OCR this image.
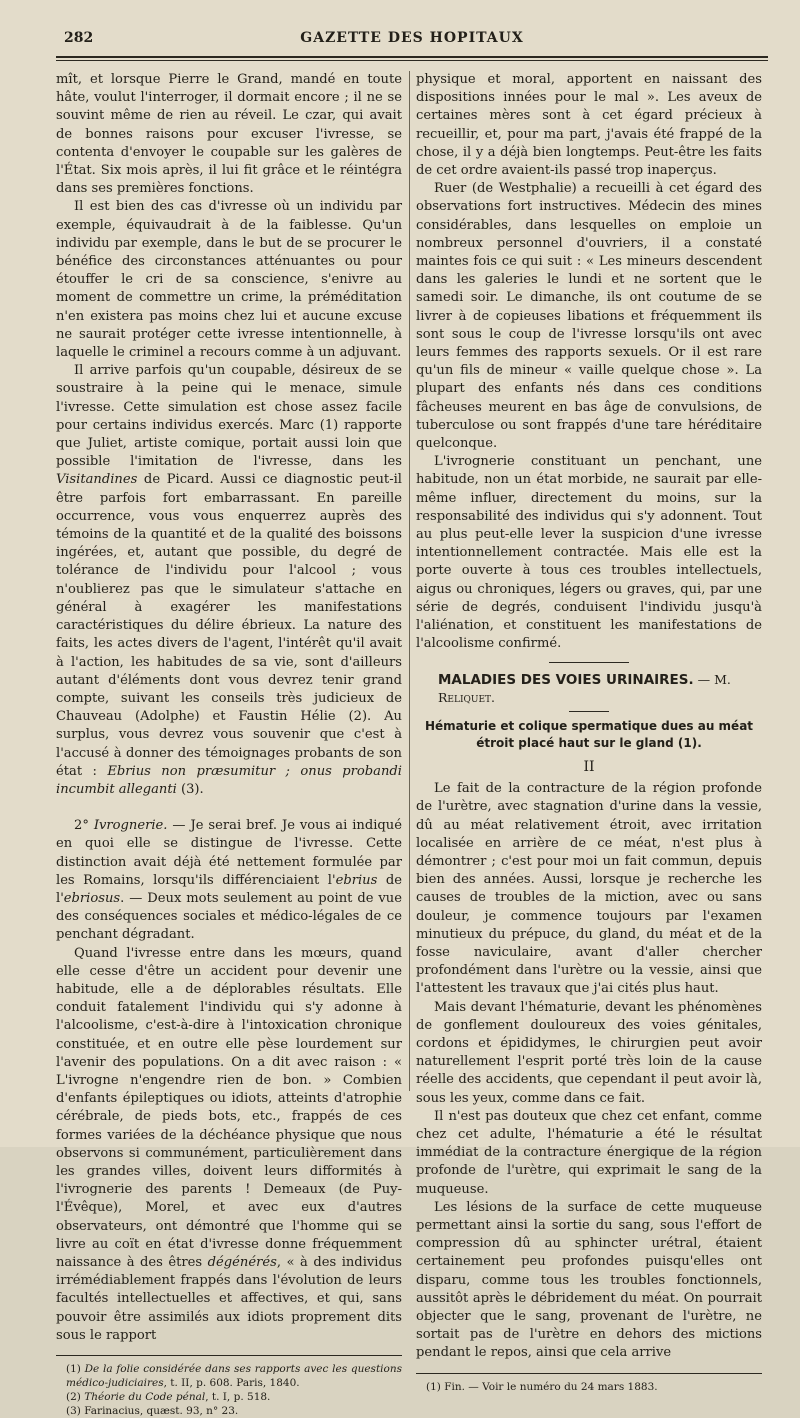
282	GAZETTE DES HOPITAUX

mît, et lorsque Pierre le Grand, mandé en toute hâte, voulut l'interroger, il dormait encore ; il ne se souvint même de rien au réveil. Le czar, qui avait de bonnes raisons pour excuser l'ivresse, se contenta d'envoyer le coupable sur les galères de l'État. Six mois après, il lui fit grâce et le réintégra dans ses premières fonctions.

Il est bien des cas d'ivresse où un individu par exemple, équivaudrait à de la faiblesse. Qu'un individu par exemple, dans le but de se procurer le bénéfice des circonstances atténuantes ou pour étouffer le cri de sa conscience, s'enivre au moment de commettre un crime, la préméditation n'en existera pas moins chez lui et aucune excuse ne saurait protéger cette ivresse intentionnelle, à laquelle le criminel a recours comme à un adjuvant.

Il arrive parfois qu'un coupable, désireux de se soustraire à la peine qui le menace, simule l'ivresse. Cette simulation est chose assez facile pour certains individus exercés. Marc (1) rapporte que Juliet, artiste comique, portait aussi loin que possible l'imitation de l'ivresse, dans les Visitandines de Picard. Aussi ce diagnostic peut-il être parfois fort embarrassant. En pareille occurrence, vous vous enquerrez auprès des témoins de la quantité et de la qualité des boissons ingérées, et, autant que possible, du degré de tolérance de l'individu pour l'alcool ; vous n'oublierez pas que le simulateur s'attache en général à exagérer les manifestations caractéristiques du délire ébrieux. La nature des faits, les actes divers de l'agent, l'intérêt qu'il avait à l'action, les habitudes de sa vie, sont d'ailleurs autant d'éléments dont vous devrez tenir grand compte, suivant les conseils très judicieux de Chauveau (Adolphe) et Faustin Hélie (2). Au surplus, vous devrez vous souvenir que c'est à l'accusé à donner des témoignages probants de son état : Ebrius non præsumitur ; onus probandi incumbit alleganti (3).

2° Ivrognerie. — Je serai bref. Je vous ai indiqué en quoi elle se distingue de l'ivresse. Cette distinction avait déjà été nettement formulée par les Romains, lorsqu'ils différenciaient l'ebrius de l'ebriosus. — Deux mots seulement au point de vue des conséquences sociales et médico-légales de ce penchant dégradant.

Quand l'ivresse entre dans les mœurs, quand elle cesse d'être un accident pour devenir une habitude, elle a de déplorables résultats. Elle conduit fatalement l'individu qui s'y adonne à l'alcoolisme, c'est-à-dire à l'intoxication chronique constituée, et en outre elle pèse lourdement sur l'avenir des populations. On a dit avec raison : « L'ivrogne n'engendre rien de bon. » Combien d'enfants épileptiques ou idiots, atteints d'atrophie cérébrale, de pieds bots, etc., frappés de ces formes variées de la déchéance physique que nous observons si communément, particulièrement dans les grandes villes, doivent leurs difformités à l'ivrognerie des parents ! Demeaux (de Puy-l'Évêque), Morel, et avec eux d'autres observateurs, ont démontré que l'homme qui se livre au coït en état d'ivresse donne fréquemment naissance à des êtres dégénérés, « à des individus irrémédiablement frappés dans l'évolution de leurs facultés intellectuelles et affectives, et qui, sans pouvoir être assimilés aux idiots proprement dits sous le rapport

(1) De la folie considérée dans ses rapports avec les questions médico-judiciaires, t. II, p. 608. Paris, 1840.

(2) Théorie du Code pénal, t. I, p. 518.

(3) Farinacius, quæst. 93, n° 23.

physique et moral, apportent en naissant des dispositions innées pour le mal ». Les aveux de certaines mères sont à cet égard précieux à recueillir, et, pour ma part, j'avais été frappé de la chose, il y a déjà bien longtemps. Peut-être les faits de cet ordre avaient-ils passé trop inaperçus.

Ruer (de Westphalie) a recueilli à cet égard des observations fort instructives. Médecin des mines considérables, dans lesquelles on emploie un nombreux personnel d'ouvriers, il a constaté maintes fois ce qui suit : « Les mineurs descendent dans les galeries le lundi et ne sortent que le samedi soir. Le dimanche, ils ont coutume de se livrer à de copieuses libations et fréquemment ils sont sous le coup de l'ivresse lorsqu'ils ont avec leurs femmes des rapports sexuels. Or il est rare qu'un fils de mineur « vaille quelque chose ». La plupart des enfants nés dans ces conditions fâcheuses meurent en bas âge de convulsions, de tuberculose ou sont frappés d'une tare héréditaire quelconque.

L'ivrognerie constituant un penchant, une habitude, non un état morbide, ne saurait par elle-même influer, directement du moins, sur la responsabilité des individus qui s'y adonnent. Tout au plus peut-elle lever la suspicion d'une ivresse intentionnellement contractée. Mais elle est la porte ouverte à tous ces troubles intellectuels, aigus ou chroniques, légers ou graves, qui, par une série de degrés, conduisent l'individu jusqu'à l'aliénation, et constituent les manifestations de l'alcoolisme confirmé.

MALADIES DES VOIES URINAIRES. — M. Reliquet.

Hématurie et colique spermatique dues au méat étroit placé haut sur le gland (1).

II

Le fait de la contracture de la région profonde de l'urètre, avec stagnation d'urine dans la vessie, dû au méat relativement étroit, avec irritation localisée en arrière de ce méat, n'est plus à démontrer ; c'est pour moi un fait commun, depuis bien des années. Aussi, lorsque je recherche les causes de troubles de la miction, avec ou sans douleur, je commence toujours par l'examen minutieux du prépuce, du gland, du méat et de la fosse naviculaire, avant d'aller chercher profondément dans l'urètre ou la vessie, ainsi que l'attestent les travaux que j'ai cités plus haut.

Mais devant l'hématurie, devant les phénomènes de gonflement douloureux des voies génitales, cordons et épididymes, le chirurgien peut avoir naturellement l'esprit porté très loin de la cause réelle des accidents, que cependant il peut avoir là, sous les yeux, comme dans ce fait.

Il n'est pas douteux que chez cet enfant, comme chez cet adulte, l'hématurie a été le résultat immédiat de la contracture énergique de la région profonde de l'urètre, qui exprimait le sang de la muqueuse.

Les lésions de la surface de cette muqueuse permettant ainsi la sortie du sang, sous l'effort de compression dû au sphincter urétral, étaient certainement peu profondes puisqu'elles ont disparu, comme tous les troubles fonctionnels, aussitôt après le débridement du méat. On pourrait objecter que le sang, provenant de l'urètre, ne sortait pas de l'urètre en dehors des mictions pendant le repos, ainsi que cela arrive

(1) Fin. — Voir le numéro du 24 mars 1883.
